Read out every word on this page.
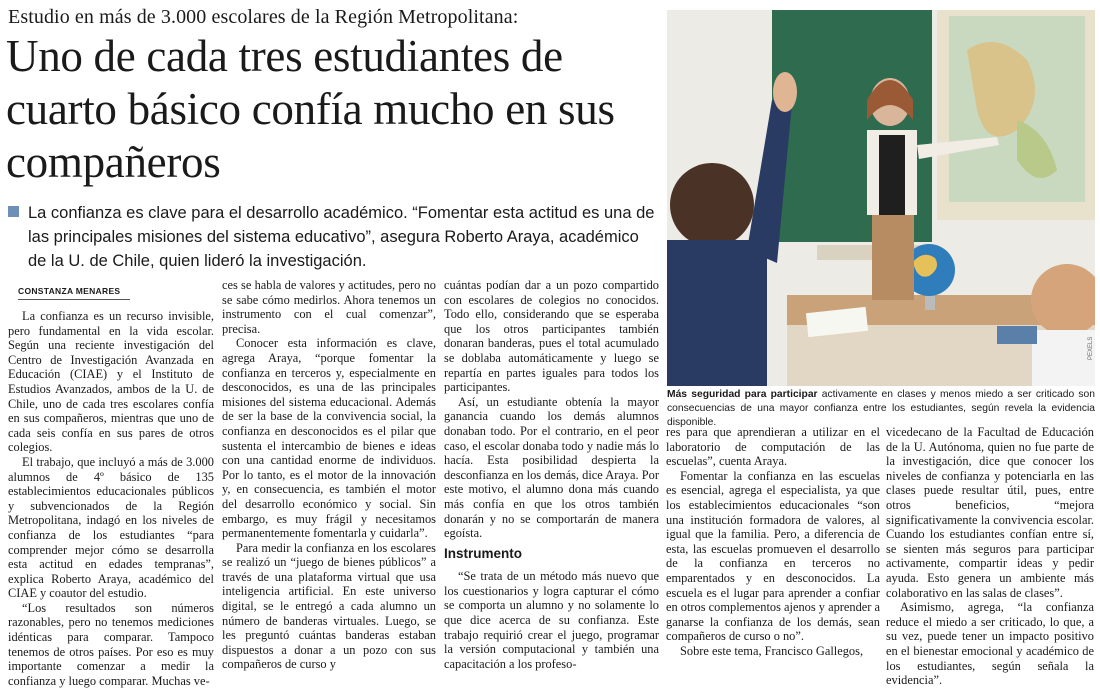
Estudio en más de 3.000 escolares de la Región Metropolitana:
Uno de cada tres estudiantes de cuarto básico confía mucho en sus compañeros

La confianza es clave para el desarrollo académico. “Fomentar esta actitud es una de las principales misiones del sistema educativo”, asegura Roberto Araya, académico de la U. de Chile, quien lideró la investigación.

CONSTANZA MENARES

La confianza es un recurso invisible, pero fundamental en la vida escolar. Según una reciente investigación del Centro de Investigación Avanzada en Educación (CIAE) y el Instituto de Estudios Avanzados, ambos de la U. de Chile, uno de cada tres escolares confía en sus compañeros, mientras que uno de cada seis confía en sus pares de otros colegios.

El trabajo, que incluyó a más de 3.000 alumnos de 4º básico de 135 establecimientos educacionales públicos y subvencionados de la Región Metropolitana, indagó en los niveles de confianza de los estudiantes “para comprender mejor cómo se desarrolla esta actitud en edades tempranas”, explica Roberto Araya, académico del CIAE y coautor del estudio.

“Los resultados son números razonables, pero no tenemos mediciones idénticas para comparar. Tampoco tenemos de otros países. Por eso es muy importante comenzar a medir la confianza y luego comparar. Muchas ve-

ces se habla de valores y actitudes, pero no se sabe cómo medirlos. Ahora tenemos un instrumento con el cual comenzar”, precisa.

Conocer esta información es clave, agrega Araya, “porque fomentar la confianza en terceros y, especialmente en desconocidos, es una de las principales misiones del sistema educacional. Además de ser la base de la convivencia social, la confianza en desconocidos es el pilar que sustenta el intercambio de bienes e ideas con una cantidad enorme de individuos. Por lo tanto, es el motor de la innovación y, en consecuencia, es también el motor del desarrollo económico y social. Sin embargo, es muy frágil y necesitamos permanentemente fomentarla y cuidarla”.

Para medir la confianza en los escolares se realizó un “juego de bienes públicos” a través de una plataforma virtual que usa inteligencia artificial. En este universo digital, se le entregó a cada alumno un número de banderas virtuales. Luego, se les preguntó cuántas banderas estaban dispuestos a donar a un pozo con sus compañeros de curso y

cuántas podían dar a un pozo compartido con escolares de colegios no conocidos. Todo ello, considerando que se esperaba que los otros participantes también donaran banderas, pues el total acumulado se doblaba automáticamente y luego se repartía en partes iguales para todos los participantes.

Así, un estudiante obtenía la mayor ganancia cuando los demás alumnos donaban todo. Por el contrario, en el peor caso, el escolar donaba todo y nadie más lo hacía. Esta posibilidad despierta la desconfianza en los demás, dice Araya. Por este motivo, el alumno dona más cuando más confía en que los otros también donarán y no se comportarán de manera egoísta.

Instrumento

“Se trata de un método más nuevo que los cuestionarios y logra capturar el cómo se comporta un alumno y no solamente lo que dice acerca de su confianza. Este trabajo requirió crear el juego, programar la versión computacional y también una capacitación a los profeso-

res para que aprendieran a utilizar en el laboratorio de computación de las escuelas”, cuenta Araya.

Fomentar la confianza en las escuelas es esencial, agrega el especialista, ya que los establecimientos educacionales “son una institución formadora de valores, al igual que la familia. Pero, a diferencia de esta, las escuelas promueven el desarrollo de la confianza en terceros no emparentados y en desconocidos. La escuela es el lugar para aprender a confiar en otros complementos ajenos y aprender a ganarse la confianza de los demás, sean compañeros de curso o no”.

Sobre este tema, Francisco Gallegos,

vicedecano de la Facultad de Educación de la U. Autónoma, quien no fue parte de la investigación, dice que conocer los niveles de confianza y potenciarla en las clases puede resultar útil, pues, entre otros beneficios, “mejora significativamente la convivencia escolar. Cuando los estudiantes confían entre sí, se sienten más seguros para participar activamente, compartir ideas y pedir ayuda. Esto genera un ambiente más colaborativo en las salas de clases”.

Asimismo, agrega, “la confianza reduce el miedo a ser criticado, lo que, a su vez, puede tener un impacto positivo en el bienestar emocional y académico de los estudiantes, según señala la evidencia”.

PEXELS
Más seguridad para participar activamente en clases y menos miedo a ser criticado son consecuencias de una mayor confianza entre los estudiantes, según revela la evidencia disponible.
